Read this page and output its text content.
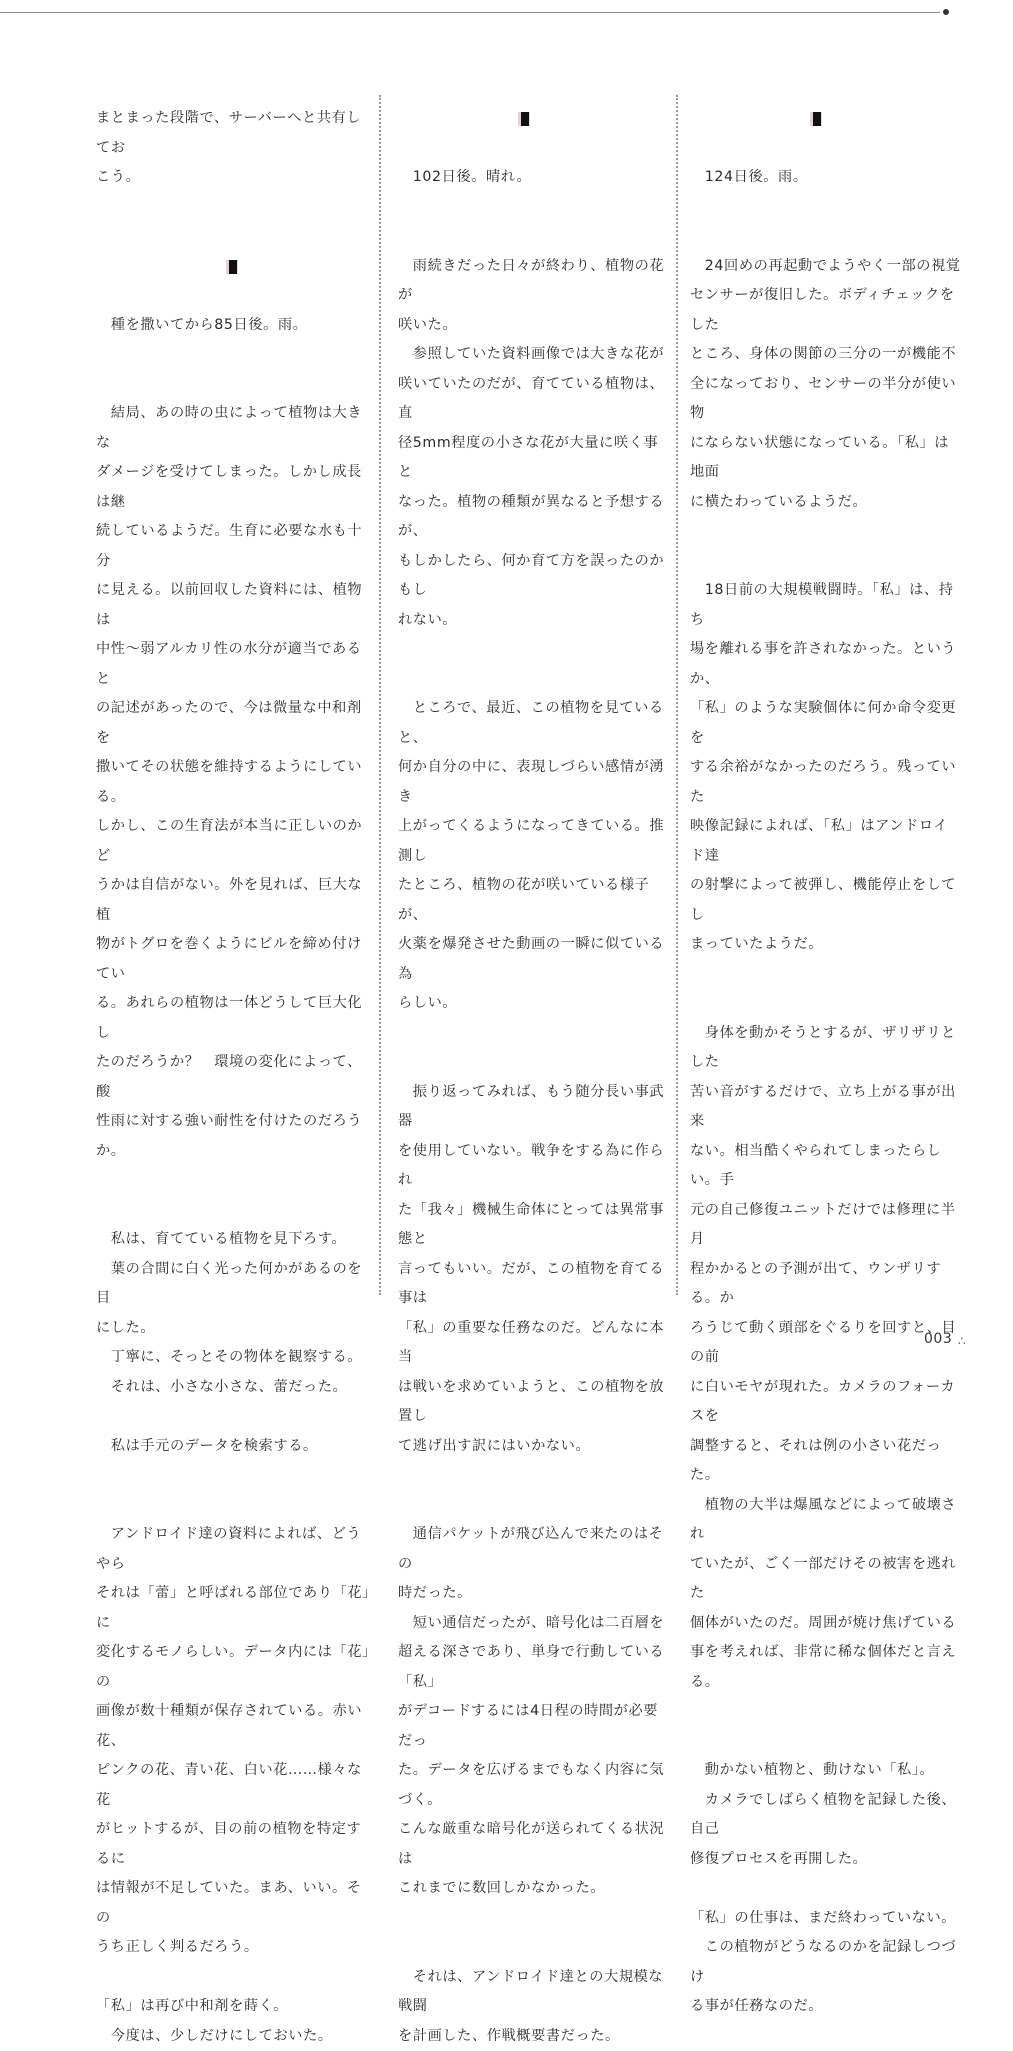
まとまった段階で、サーバーへと共有してお

こう。

　種を撒いてから85日後。雨。

　結局、あの時の虫によって植物は大きな

ダメージを受けてしまった。しかし成長は継

続しているようだ。生育に必要な水も十分

に見える。以前回収した資料には、植物は

中性〜弱アルカリ性の水分が適当であると

の記述があったので、今は微量な中和剤を

撒いてその状態を維持するようにしている。

しかし、この生育法が本当に正しいのかど

うかは自信がない。外を見れば、巨大な植

物がトグロを巻くようにビルを締め付けてい

る。あれらの植物は一体どうして巨大化し

たのだろうか？　環境の変化によって、酸

性雨に対する強い耐性を付けたのだろうか。

　私は、育てている植物を見下ろす。

　葉の合間に白く光った何かがあるのを目

にした。

　丁寧に、そっとその物体を観察する。

　それは、小さな小さな、蕾だった。

　私は手元のデータを検索する。

　アンドロイド達の資料によれば、どうやら

それは「蕾」と呼ばれる部位であり「花」に

変化するモノらしい。データ内には「花」の

画像が数十種類が保存されている。赤い花、

ピンクの花、青い花、白い花……様々な花

がヒットするが、目の前の植物を特定するに

は情報が不足していた。まあ、いい。その

うち正しく判るだろう。

「私」は再び中和剤を蒔く。

　今度は、少しだけにしておいた。

　102日後。晴れ。

　雨続きだった日々が終わり、植物の花が

咲いた。

　参照していた資料画像では大きな花が

咲いていたのだが、育てている植物は、直

径5mm程度の小さな花が大量に咲く事と

なった。植物の種類が異なると予想するが、

もしかしたら、何か育て方を誤ったのかもし

れない。

　ところで、最近、この植物を見ていると、

何か自分の中に、表現しづらい感情が湧き

上がってくるようになってきている。推測し

たところ、植物の花が咲いている様子が、

火薬を爆発させた動画の一瞬に似ている為

らしい。

　振り返ってみれば、もう随分長い事武器

を使用していない。戦争をする為に作られ

た「我々」機械生命体にとっては異常事態と

言ってもいい。だが、この植物を育てる事は

「私」の重要な任務なのだ。どんなに本当

は戦いを求めていようと、この植物を放置し

て逃げ出す訳にはいかない。

　通信パケットが飛び込んで来たのはその

時だった。

　短い通信だったが、暗号化は二百層を

超える深さであり、単身で行動している「私」

がデコードするには4日程の時間が必要だっ

た。データを広げるまでもなく内容に気づく。

こんな厳重な暗号化が送られてくる状況は

これまでに数回しかなかった。

　それは、アンドロイド達との大規模な戦闘

を計画した、作戦概要書だった。

　124日後。雨。

　24回めの再起動でようやく一部の視覚

センサーが復旧した。ボディチェックをした

ところ、身体の関節の三分の一が機能不

全になっており、センサーの半分が使い物

にならない状態になっている。「私」は地面

に横たわっているようだ。

　18日前の大規模戦闘時。「私」は、持ち

場を離れる事を許されなかった。というか、

「私」のような実験個体に何か命令変更を

する余裕がなかったのだろう。残っていた

映像記録によれば、「私」はアンドロイド達

の射撃によって被弾し、機能停止をしてし

まっていたようだ。

　身体を動かそうとするが、ザリザリとした

苦い音がするだけで、立ち上がる事が出来

ない。相当酷くやられてしまったらしい。手

元の自己修復ユニットだけでは修理に半月

程かかるとの予測が出て、ウンザリする。か

ろうじて動く頭部をぐるりを回すと、目の前

に白いモヤが現れた。カメラのフォーカスを

調整すると、それは例の小さい花だった。

　植物の大半は爆風などによって破壊され

ていたが、ごく一部だけその被害を逃れた

個体がいたのだ。周囲が焼け焦げている

事を考えれば、非常に稀な個体だと言える。

　動かない植物と、動けない「私」。

　カメラでしばらく植物を記録した後、自己

修復プロセスを再開した。

「私」の仕事は、まだ終わっていない。

　この植物がどうなるのかを記録しつづけ

る事が任務なのだ。

003 ∴
